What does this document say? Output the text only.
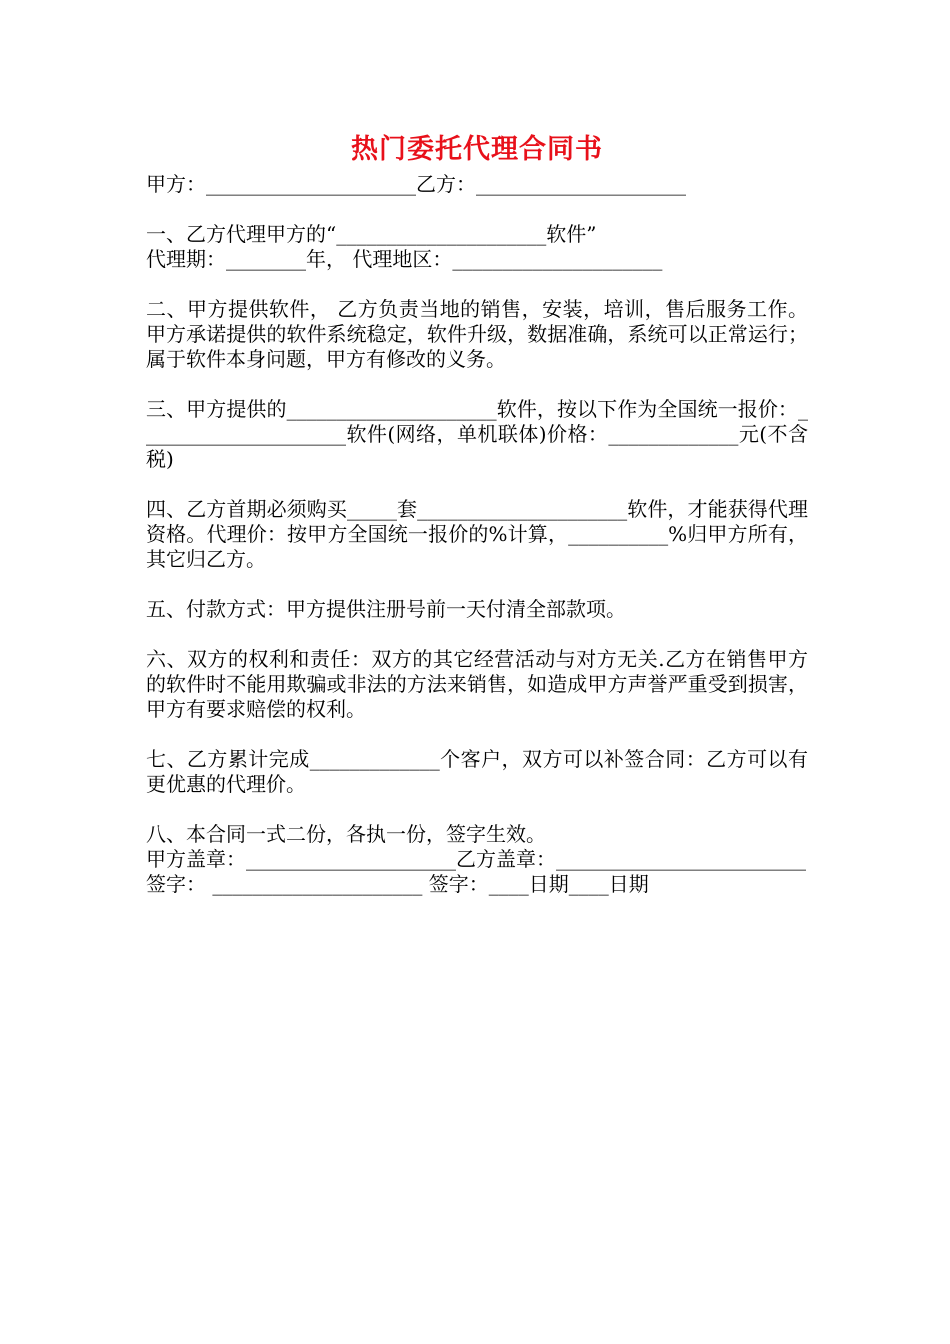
热门委托代理合同书

甲方：_____________________乙方：_____________________

一、乙方代理甲方的“_____________________软件”

代理期：________年， 代理地区：_____________________

二、甲方提供软件， 乙方负责当地的销售，安装，培训，售后服务工作。甲方承诺提供的软件系统稳定，软件升级，数据准确，系统可以正常运行；属于软件本身问题，甲方有修改的义务。

三、甲方提供的_____________________软件，按以下作为全国统一报价：_____________________软件(网络，单机联体)价格：_____________元(不含税)

四、乙方首期必须购买_____套_____________________软件，才能获得代理资格。代理价：按甲方全国统一报价的%计算，__________%归甲方所有，其它归乙方。

五、付款方式：甲方提供注册号前一天付清全部款项。

六、双方的权利和责任：双方的其它经营活动与对方无关.乙方在销售甲方的软件时不能用欺骗或非法的方法来销售，如造成甲方声誉严重受到损害，甲方有要求赔偿的权利。

七、乙方累计完成_____________个客户，双方可以补签合同：乙方可以有更优惠的代理价。

八、本合同一式二份，各执一份，签字生效。

甲方盖章：_____________________乙方盖章：_________________________

签字： _____________________ 签字：____日期____日期
